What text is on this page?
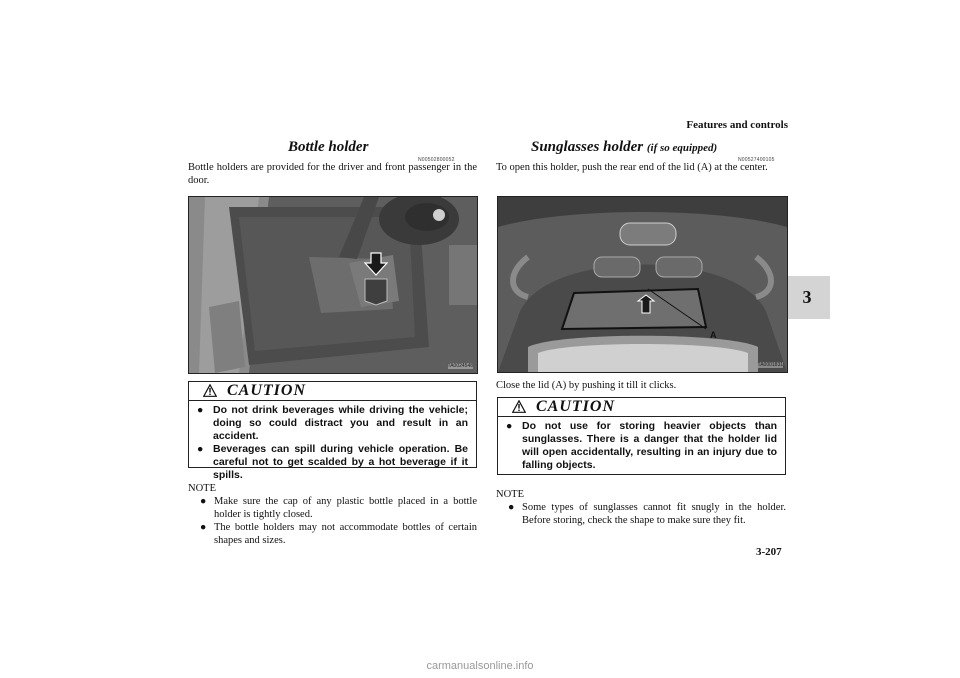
Features and controls
3
Bottle holder
N00502800052
Bottle holders are provided for the driver and front passenger in the door.
TA0024548
CAUTION
● Do not drink beverages while driving the vehicle; doing so could distract you and result in an accident.
● Beverages can spill during vehicle operation. Be careful not to get scalded by a hot beverage if it spills.
NOTE
● Make sure the cap of any plastic bottle placed in a bottle holder is tightly closed.
● The bottle holders may not accommodate bottles of certain shapes and sizes.
Sunglasses holder (if so equipped)
N00527400105
To open this holder, push the rear end of the lid (A) at the center.
A
TA0001831
Close the lid (A) by pushing it till it clicks.
CAUTION
● Do not use for storing heavier objects than sunglasses. There is a danger that the holder lid will open accidentally, resulting in an injury due to falling objects.
NOTE
● Some types of sunglasses cannot fit snugly in the holder. Before storing, check the shape to make sure they fit.
3-207
carmanualsonline.info
